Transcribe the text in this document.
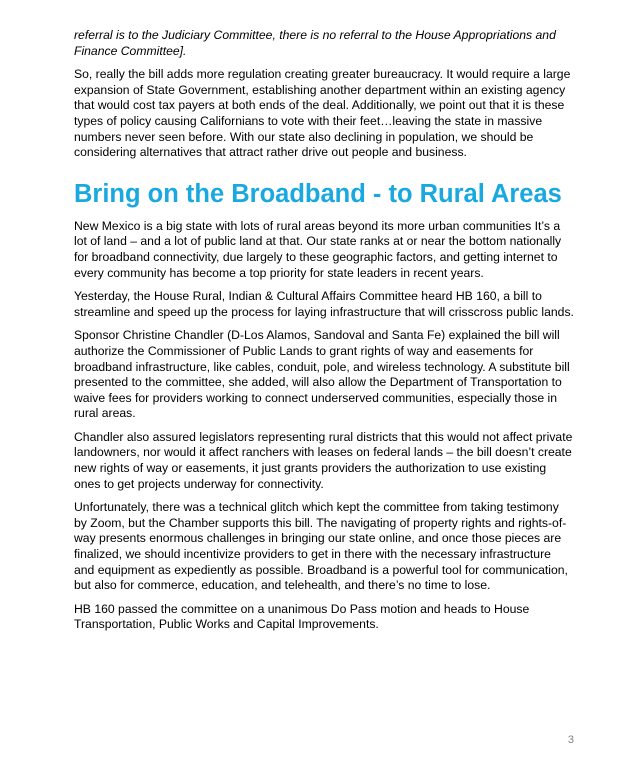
referral is to the Judiciary Committee, there is no referral to the House Appropriations and Finance Committee].

So, really the bill adds more regulation creating greater bureaucracy. It would require a large expansion of State Government, establishing another department within an existing agency that would cost tax payers at both ends of the deal. Additionally, we point out that it is these types of policy causing Californians to vote with their feet…leaving the state in massive numbers never seen before. With our state also declining in population, we should be considering alternatives that attract rather drive out people and business.

Bring on the Broadband - to Rural Areas

New Mexico is a big state with lots of rural areas beyond its more urban communities It’s a lot of land – and a lot of public land at that. Our state ranks at or near the bottom nationally for broadband connectivity, due largely to these geographic factors, and getting internet to every community has become a top priority for state leaders in recent years.

Yesterday, the House Rural, Indian & Cultural Affairs Committee heard HB 160, a bill to streamline and speed up the process for laying infrastructure that will crisscross public lands.

Sponsor Christine Chandler (D-Los Alamos, Sandoval and Santa Fe) explained the bill will authorize the Commissioner of Public Lands to grant rights of way and easements for broadband infrastructure, like cables, conduit, pole, and wireless technology. A substitute bill presented to the committee, she added, will also allow the Department of Transportation to waive fees for providers working to connect underserved communities, especially those in rural areas.

Chandler also assured legislators representing rural districts that this would not affect private landowners, nor would it affect ranchers with leases on federal lands – the bill doesn’t create new rights of way or easements, it just grants providers the authorization to use existing ones to get projects underway for connectivity.

Unfortunately, there was a technical glitch which kept the committee from taking testimony by Zoom, but the Chamber supports this bill. The navigating of property rights and rights-of-way presents enormous challenges in bringing our state online, and once those pieces are finalized, we should incentivize providers to get in there with the necessary infrastructure and equipment as expediently as possible. Broadband is a powerful tool for communication, but also for commerce, education, and telehealth, and there’s no time to lose.

HB 160 passed the committee on a unanimous Do Pass motion and heads to House Transportation, Public Works and Capital Improvements.

3
